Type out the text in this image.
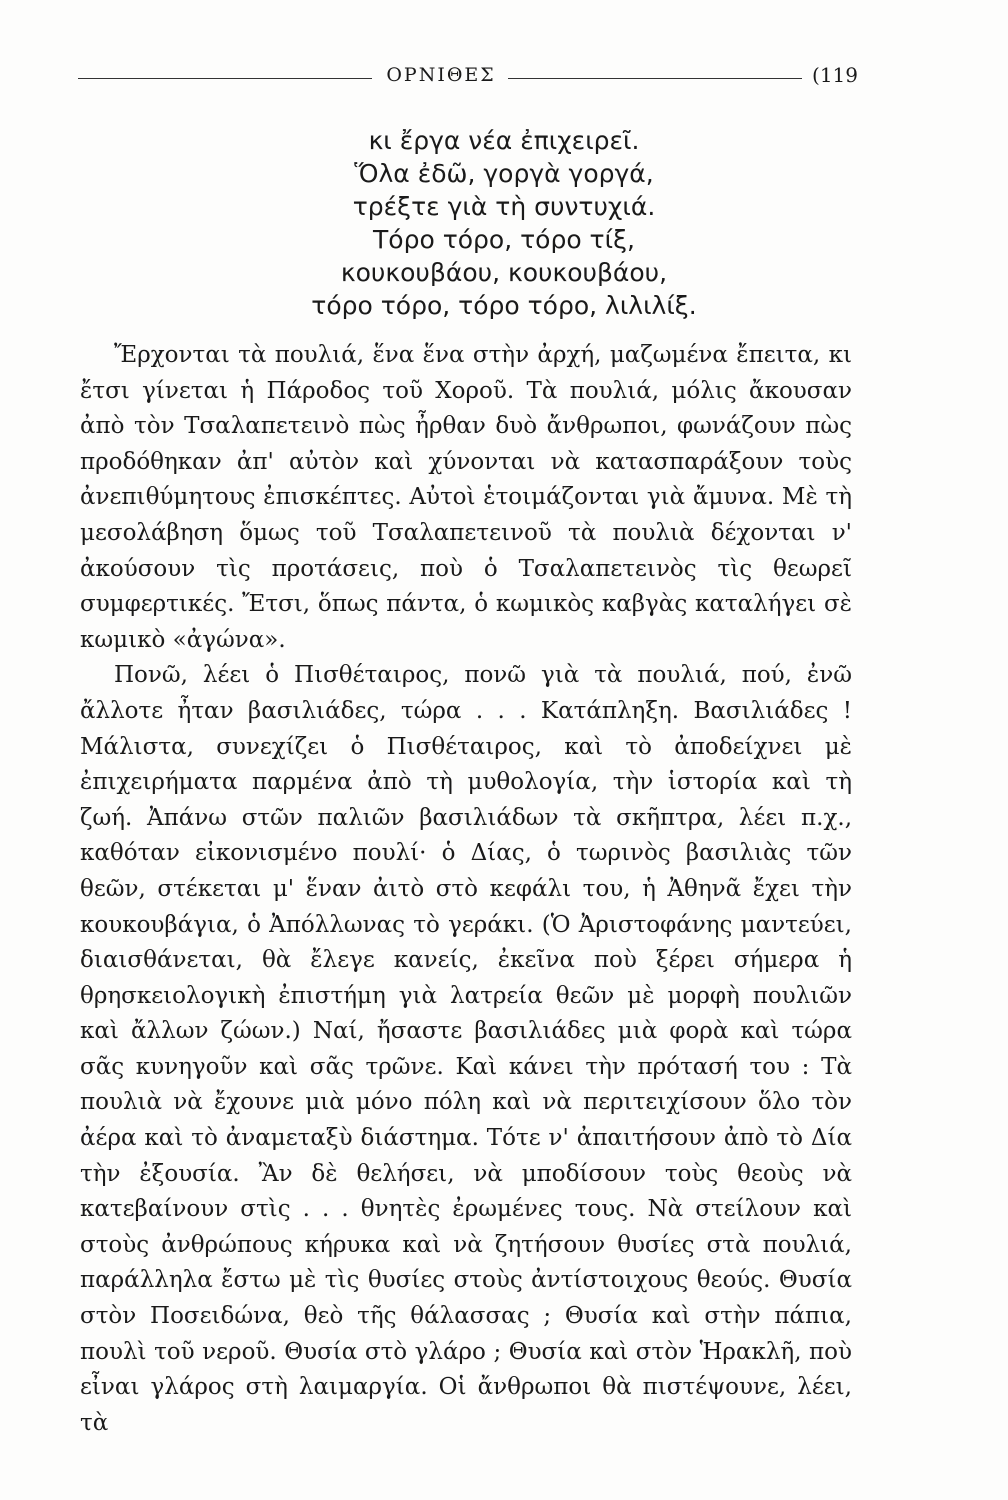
ΟΡΝΙΘΕΣ	(119
κι ἔργα νέα ἐπιχειρεῖ.
Ὅλα ἐδῶ, γοργὰ γοργά,
τρέξτε γιὰ τὴ συντυχιά.
Τόρο τόρο, τόρο τίξ,
κουκουβάου, κουκουβάου,
τόρο τόρο, τόρο τόρο, λιλιλίξ.

Ἔρχονται τὰ πουλιά, ἕνα ἕνα στὴν ἀρχή, μαζωμένα ἔπειτα, κι ἔτσι γίνεται ἡ Πάροδος τοῦ Χοροῦ. Τὰ πουλιά, μόλις ἄκουσαν ἀπὸ τὸν Τσαλαπετεινὸ πὼς ἦρθαν δυὸ ἄνθρωποι, φωνάζουν πὼς προδόθηκαν ἀπ' αὐτὸν καὶ χύνονται νὰ κατασπαράξουν τοὺς ἀνεπιθύμητους ἐπισκέπτες. Αὐτοὶ ἑτοιμάζονται γιὰ ἄμυνα. Μὲ τὴ μεσολάβηση ὅμως τοῦ Τσαλαπετεινοῦ τὰ πουλιὰ δέχονται ν' ἀκούσουν τὶς προτάσεις, ποὺ ὁ Τσαλαπετεινὸς τὶς θεωρεῖ συμφερτικές. Ἔτσι, ὅπως πάντα, ὁ κωμικὸς καβγὰς καταλήγει σὲ κωμικὸ «ἀγώνα».

Πονῶ, λέει ὁ Πισθέταιρος, πονῶ γιὰ τὰ πουλιά, πού, ἐνῶ ἄλλοτε ἦταν βασιλιάδες, τώρα . . . Κατάπληξη. Βασιλιάδες ! Μάλιστα, συνεχίζει ὁ Πισθέταιρος, καὶ τὸ ἀποδείχνει μὲ ἐπιχειρήματα παρμένα ἀπὸ τὴ μυθολογία, τὴν ἱστορία καὶ τὴ ζωή. Ἀπάνω στῶν παλιῶν βασιλιάδων τὰ σκῆπτρα, λέει π.χ., καθόταν εἰκονισμένο πουλί· ὁ Δίας, ὁ τωρινὸς βασιλιὰς τῶν θεῶν, στέκεται μ' ἕναν ἀιτὸ στὸ κεφάλι του, ἡ Ἀθηνᾶ ἔχει τὴν κουκουβάγια, ὁ Ἀπόλλωνας τὸ γεράκι. (Ὁ Ἀριστοφάνης μαντεύει, διαισθάνεται, θὰ ἔλεγε κανείς, ἐκεῖνα ποὺ ξέρει σήμερα ἡ θρησκειολογικὴ ἐπιστήμη γιὰ λατρεία θεῶν μὲ μορφὴ πουλιῶν καὶ ἄλλων ζώων.) Ναί, ἤσαστε βασιλιάδες μιὰ φορὰ καὶ τώρα σᾶς κυνηγοῦν καὶ σᾶς τρῶνε. Καὶ κάνει τὴν πρότασή του : Τὰ πουλιὰ νὰ ἔχουνε μιὰ μόνο πόλη καὶ νὰ περιτειχίσουν ὅλο τὸν ἀέρα καὶ τὸ ἀναμεταξὺ διάστημα. Τότε ν' ἀπαιτήσουν ἀπὸ τὸ Δία τὴν ἐξουσία. Ἂν δὲ θελήσει, νὰ μποδίσουν τοὺς θεοὺς νὰ κατεβαίνουν στὶς . . . θνητὲς ἐρωμένες τους. Νὰ στείλουν καὶ στοὺς ἀνθρώπους κήρυκα καὶ νὰ ζητήσουν θυσίες στὰ πουλιά, παράλληλα ἔστω μὲ τὶς θυσίες στοὺς ἀντίστοιχους θεούς. Θυσία στὸν Ποσειδώνα, θεὸ τῆς θάλασσας ; Θυσία καὶ στὴν πάπια, πουλὶ τοῦ νεροῦ. Θυσία στὸ γλάρο ; Θυσία καὶ στὸν Ἡρακλῆ, ποὺ εἶναι γλάρος στὴ λαιμαργία. Οἱ ἄνθρωποι θὰ πιστέψουνε, λέει, τὰ
